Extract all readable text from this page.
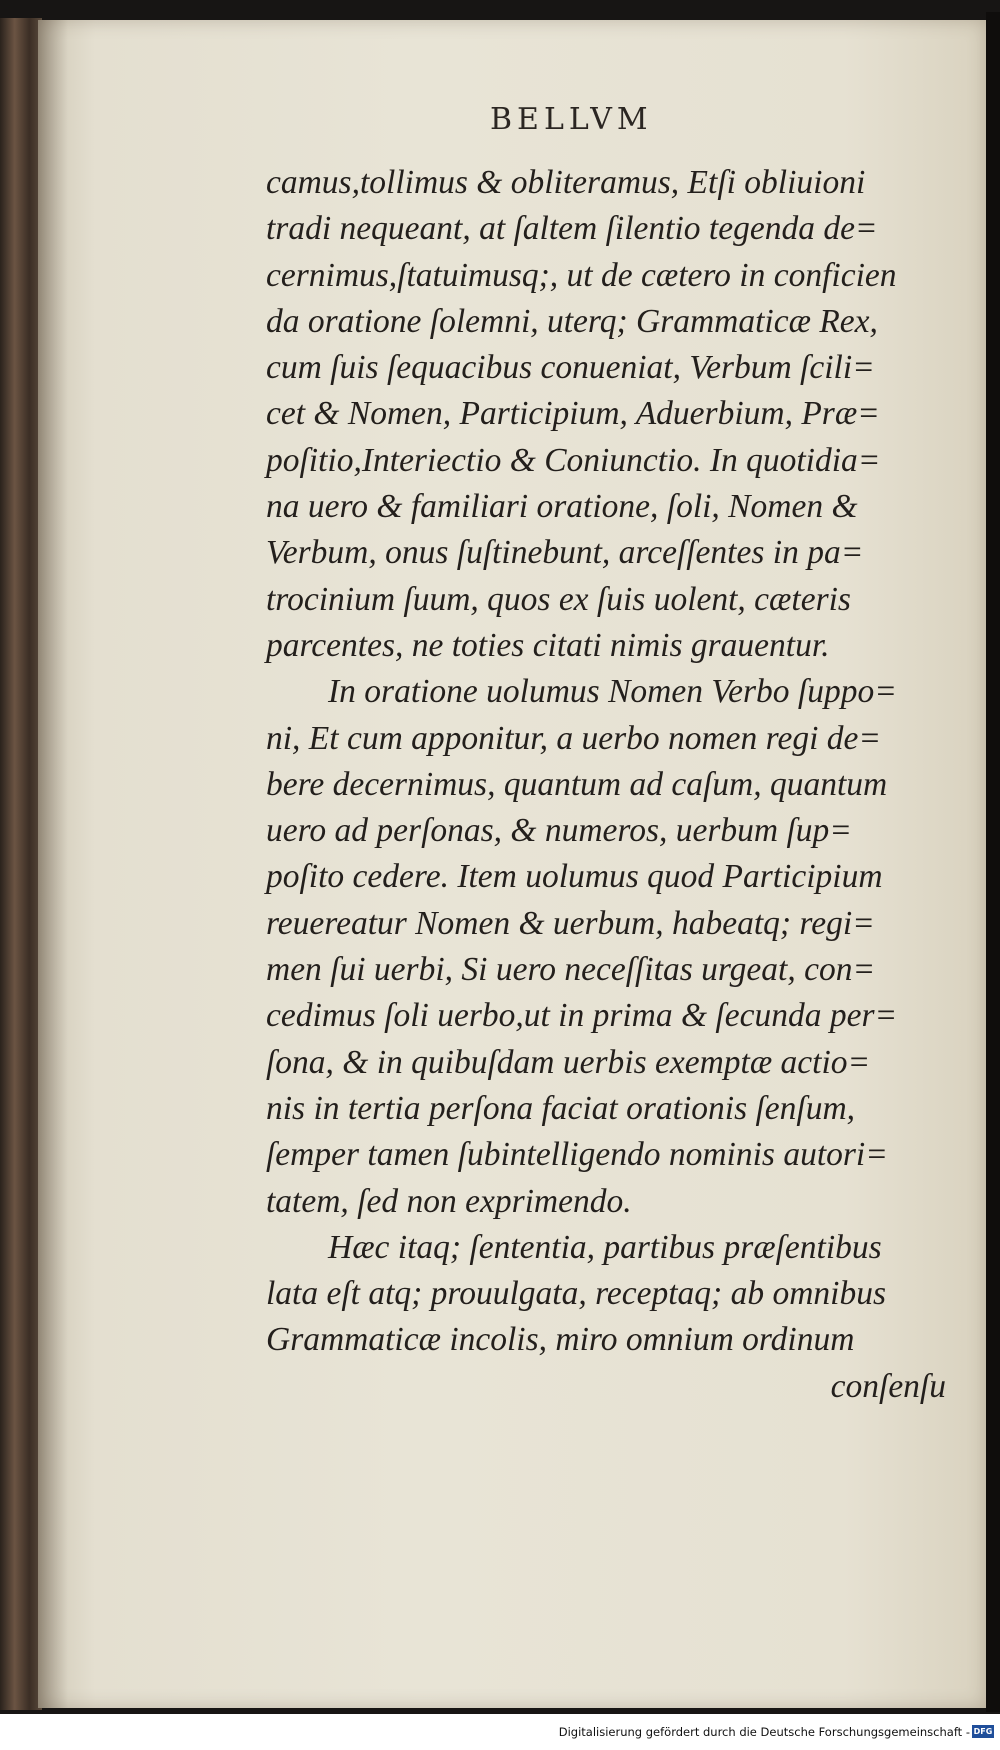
BELLVM
camus,tollimus & obliteramus, Etſi obliuioni
tradi nequeant, at ſaltem ſilentio tegenda de=
cernimus,ſtatuimusq;, ut de cætero in conficien
da oratione ſolemni, uterq; Grammaticæ Rex,
cum ſuis ſequacibus conueniat, Verbum ſcili=
cet & Nomen, Participium, Aduerbium, Præ=
poſitio,Interiectio & Coniunctio. In quotidia=
na uero & familiari oratione, ſoli, Nomen &
Verbum, onus ſuſtinebunt, arceſſentes in pa=
trocinium ſuum, quos ex ſuis uolent, cæteris
parcentes, ne toties citati nimis grauentur.
In oratione uolumus Nomen Verbo ſuppo=
ni, Et cum apponitur, a uerbo nomen regi de=
bere decernimus, quantum ad caſum, quantum
uero ad perſonas, & numeros, uerbum ſup=
poſito cedere. Item uolumus quod Participium
reuereatur Nomen & uerbum, habeatq; regi=
men ſui uerbi, Si uero neceſſitas urgeat, con=
cedimus ſoli uerbo,ut in prima & ſecunda per=
ſona, & in quibuſdam uerbis exemptæ actio=
nis in tertia perſona faciat orationis ſenſum,
ſemper tamen ſubintelligendo nominis autori=
tatem, ſed non exprimendo.
Hæc itaq; ſententia, partibus præſentibus
lata eſt atq; prouulgata, receptaq; ab omnibus
Grammaticæ incolis, miro omnium ordinum
conſenſu
Digitalisierung gefördert durch die Deutsche Forschungsgemeinschaft - DFG
